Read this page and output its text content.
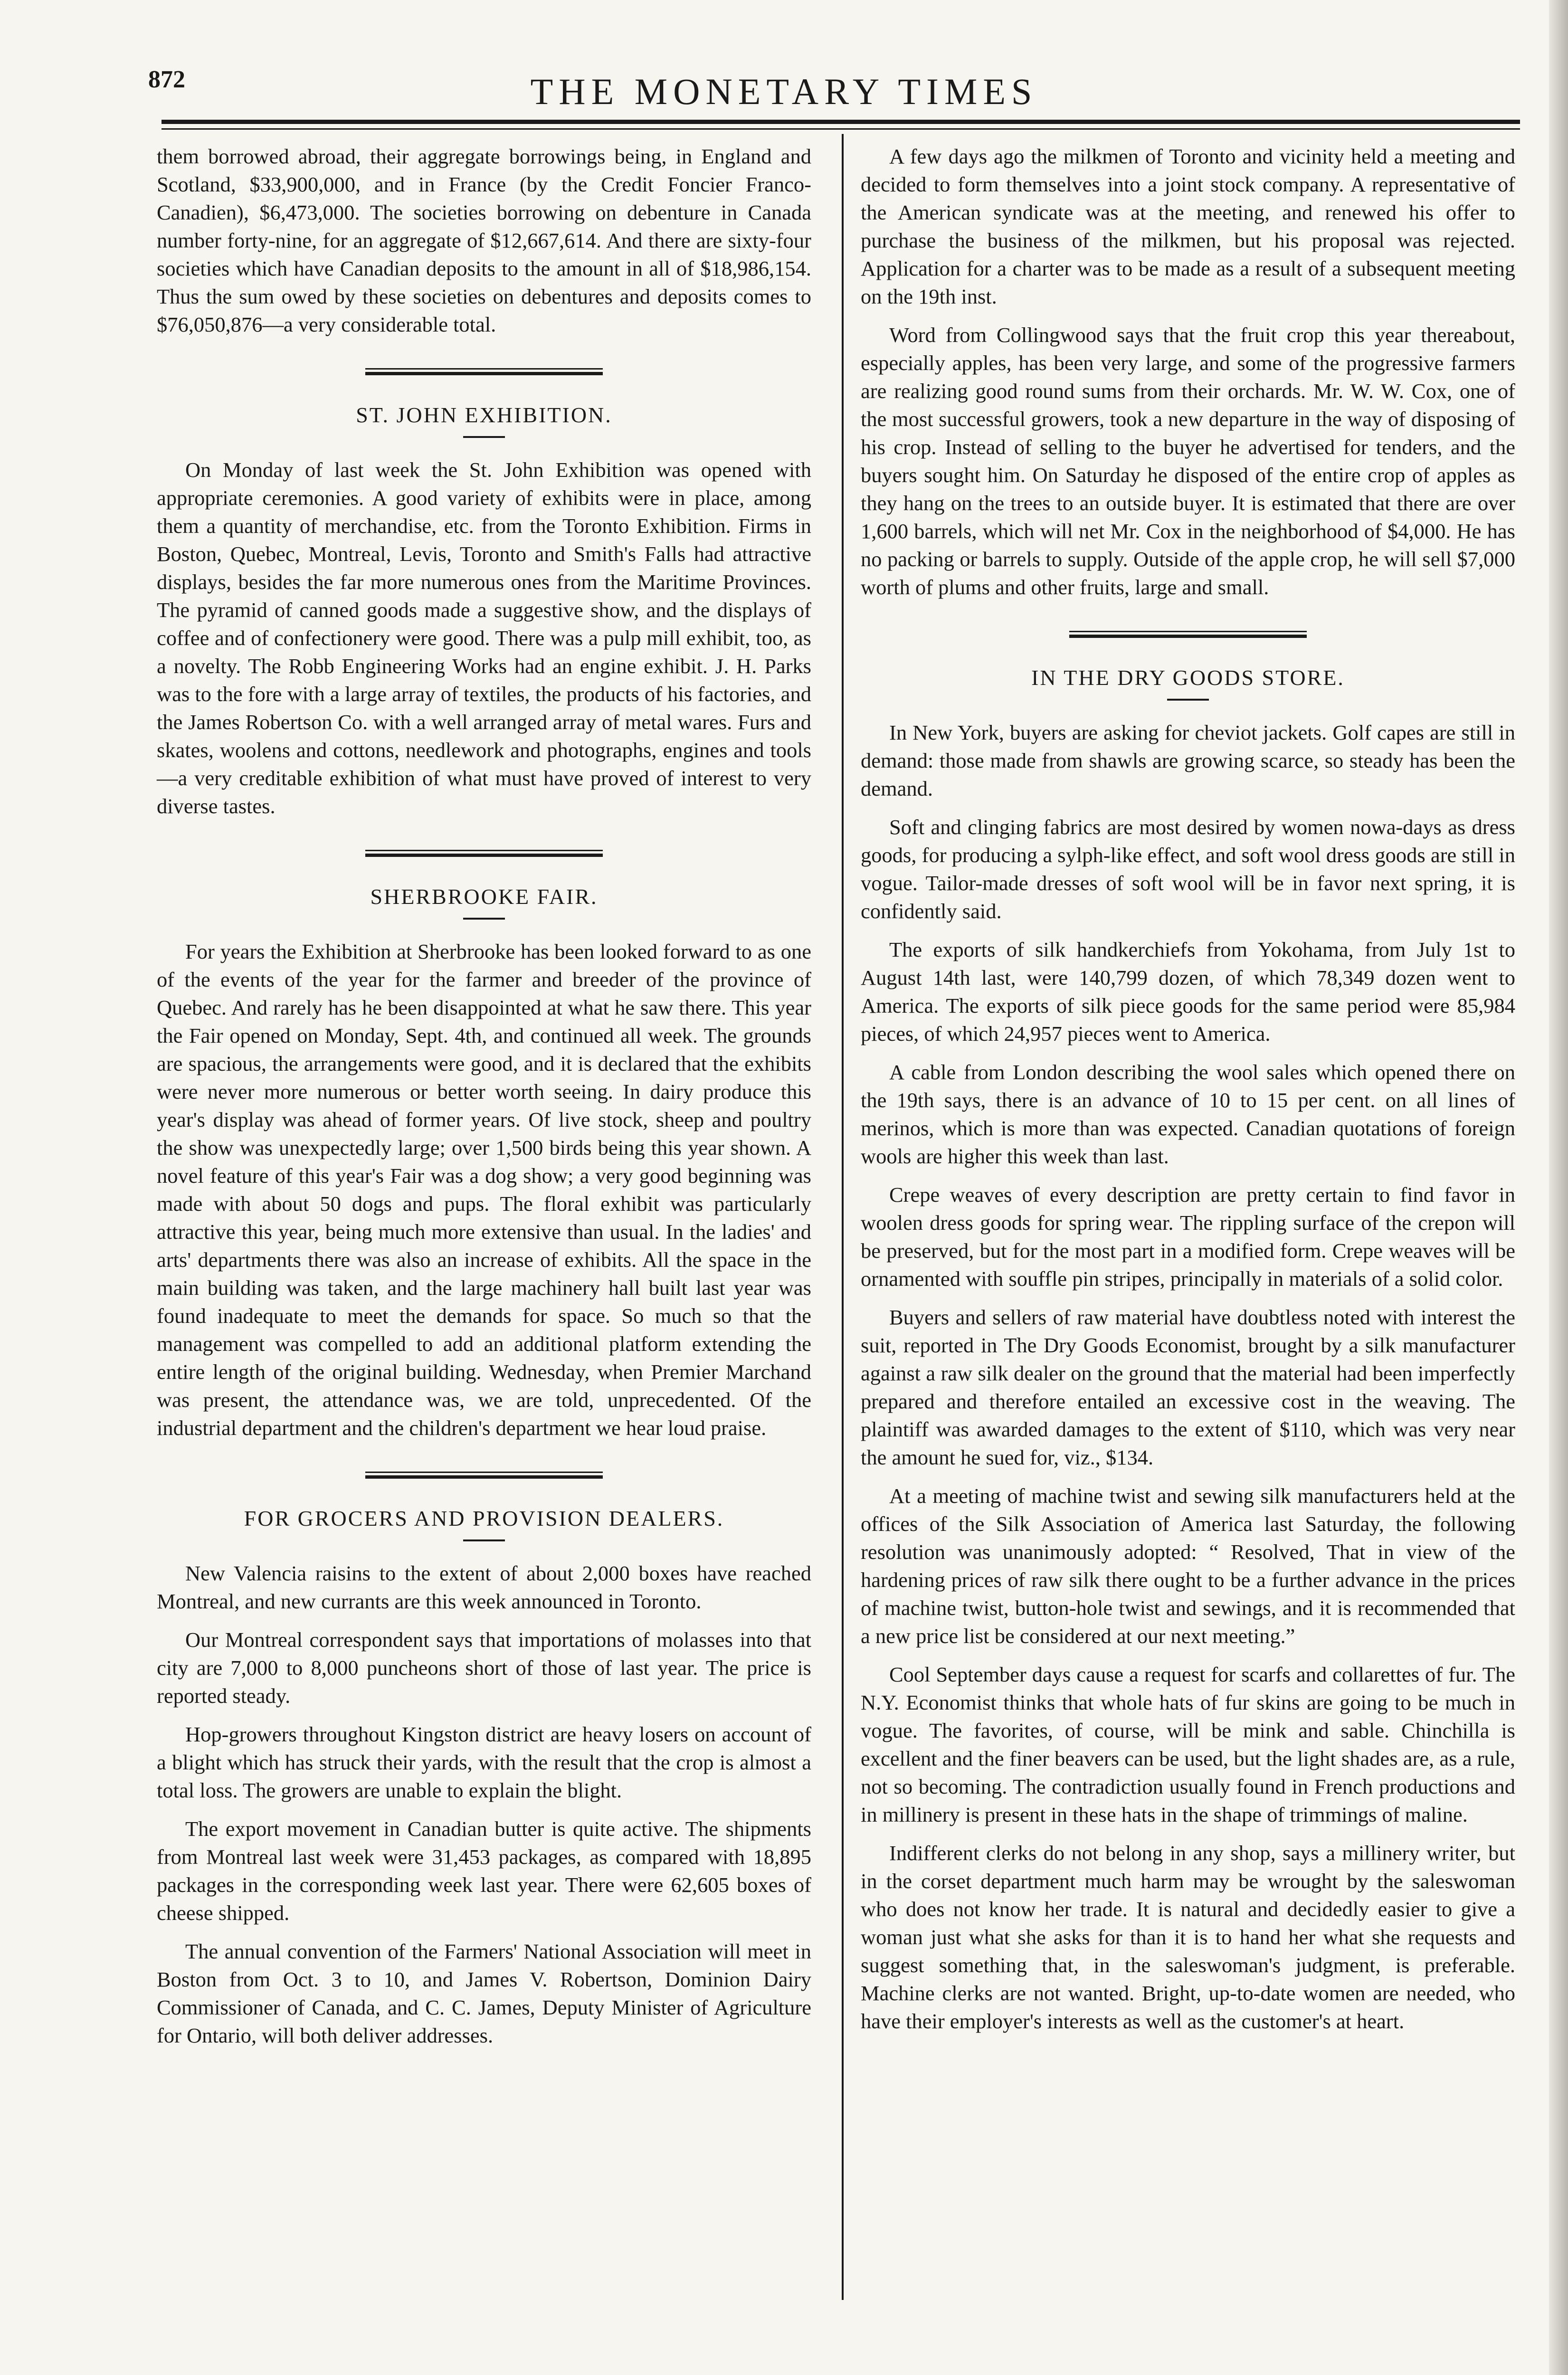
872	THE MONETARY TIMES

them borrowed abroad, their aggregate borrowings being, in England and Scotland, $33,900,000, and in France (by the Credit Foncier Franco-Canadien), $6,473,000. The societies borrowing on debenture in Canada number forty-nine, for an aggregate of $12,667,614. And there are sixty-four societies which have Canadian deposits to the amount in all of $18,986,154. Thus the sum owed by these societies on debentures and deposits comes to $76,050,876—a very considerable total.

ST. JOHN EXHIBITION.

On Monday of last week the St. John Exhibition was opened with appropriate ceremonies. A good variety of exhibits were in place, among them a quantity of merchandise, etc. from the Toronto Exhibition. Firms in Boston, Quebec, Montreal, Levis, Toronto and Smith's Falls had attractive displays, besides the far more numerous ones from the Maritime Provinces. The pyramid of canned goods made a suggestive show, and the displays of coffee and of confectionery were good. There was a pulp mill exhibit, too, as a novelty. The Robb Engineering Works had an engine exhibit. J. H. Parks was to the fore with a large array of textiles, the products of his factories, and the James Robertson Co. with a well arranged array of metal wares. Furs and skates, woolens and cottons, needlework and photographs, engines and tools—a very creditable exhibition of what must have proved of interest to very diverse tastes.

SHERBROOKE FAIR.

For years the Exhibition at Sherbrooke has been looked forward to as one of the events of the year for the farmer and breeder of the province of Quebec. And rarely has he been disappointed at what he saw there. This year the Fair opened on Monday, Sept. 4th, and continued all week. The grounds are spacious, the arrangements were good, and it is declared that the exhibits were never more numerous or better worth seeing. In dairy produce this year's display was ahead of former years. Of live stock, sheep and poultry the show was unexpectedly large; over 1,500 birds being this year shown. A novel feature of this year's Fair was a dog show; a very good beginning was made with about 50 dogs and pups. The floral exhibit was particularly attractive this year, being much more extensive than usual. In the ladies' and arts' departments there was also an increase of exhibits. All the space in the main building was taken, and the large machinery hall built last year was found inadequate to meet the demands for space. So much so that the management was compelled to add an additional platform extending the entire length of the original building. Wednesday, when Premier Marchand was present, the attendance was, we are told, unprecedented. Of the industrial department and the children's department we hear loud praise.

FOR GROCERS AND PROVISION DEALERS.

New Valencia raisins to the extent of about 2,000 boxes have reached Montreal, and new currants are this week announced in Toronto.

Our Montreal correspondent says that importations of molasses into that city are 7,000 to 8,000 puncheons short of those of last year. The price is reported steady.

Hop-growers throughout Kingston district are heavy losers on account of a blight which has struck their yards, with the result that the crop is almost a total loss. The growers are unable to explain the blight.

The export movement in Canadian butter is quite active. The shipments from Montreal last week were 31,453 packages, as compared with 18,895 packages in the corresponding week last year. There were 62,605 boxes of cheese shipped.

The annual convention of the Farmers' National Association will meet in Boston from Oct. 3 to 10, and James V. Robertson, Dominion Dairy Commissioner of Canada, and C. C. James, Deputy Minister of Agriculture for Ontario, will both deliver addresses.

A few days ago the milkmen of Toronto and vicinity held a meeting and decided to form themselves into a joint stock company. A representative of the American syndicate was at the meeting, and renewed his offer to purchase the business of the milkmen, but his proposal was rejected. Application for a charter was to be made as a result of a subsequent meeting on the 19th inst.

Word from Collingwood says that the fruit crop this year thereabout, especially apples, has been very large, and some of the progressive farmers are realizing good round sums from their orchards. Mr. W. W. Cox, one of the most successful growers, took a new departure in the way of disposing of his crop. Instead of selling to the buyer he advertised for tenders, and the buyers sought him. On Saturday he disposed of the entire crop of apples as they hang on the trees to an outside buyer. It is estimated that there are over 1,600 barrels, which will net Mr. Cox in the neighborhood of $4,000. He has no packing or barrels to supply. Outside of the apple crop, he will sell $7,000 worth of plums and other fruits, large and small.

IN THE DRY GOODS STORE.

In New York, buyers are asking for cheviot jackets. Golf capes are still in demand: those made from shawls are growing scarce, so steady has been the demand.

Soft and clinging fabrics are most desired by women nowa-days as dress goods, for producing a sylph-like effect, and soft wool dress goods are still in vogue. Tailor-made dresses of soft wool will be in favor next spring, it is confidently said.

The exports of silk handkerchiefs from Yokohama, from July 1st to August 14th last, were 140,799 dozen, of which 78,349 dozen went to America. The exports of silk piece goods for the same period were 85,984 pieces, of which 24,957 pieces went to America.

A cable from London describing the wool sales which opened there on the 19th says, there is an advance of 10 to 15 per cent. on all lines of merinos, which is more than was expected. Canadian quotations of foreign wools are higher this week than last.

Crepe weaves of every description are pretty certain to find favor in woolen dress goods for spring wear. The rippling surface of the crepon will be preserved, but for the most part in a modified form. Crepe weaves will be ornamented with souffle pin stripes, principally in materials of a solid color.

Buyers and sellers of raw material have doubtless noted with interest the suit, reported in The Dry Goods Economist, brought by a silk manufacturer against a raw silk dealer on the ground that the material had been imperfectly prepared and therefore entailed an excessive cost in the weaving. The plaintiff was awarded damages to the extent of $110, which was very near the amount he sued for, viz., $134.

At a meeting of machine twist and sewing silk manufacturers held at the offices of the Silk Association of America last Saturday, the following resolution was unanimously adopted: “ Resolved, That in view of the hardening prices of raw silk there ought to be a further advance in the prices of machine twist, button-hole twist and sewings, and it is recommended that a new price list be considered at our next meeting.”

Cool September days cause a request for scarfs and collarettes of fur. The N.Y. Economist thinks that whole hats of fur skins are going to be much in vogue. The favorites, of course, will be mink and sable. Chinchilla is excellent and the finer beavers can be used, but the light shades are, as a rule, not so becoming. The contradiction usually found in French productions and in millinery is present in these hats in the shape of trimmings of maline.

Indifferent clerks do not belong in any shop, says a millinery writer, but in the corset department much harm may be wrought by the saleswoman who does not know her trade. It is natural and decidedly easier to give a woman just what she asks for than it is to hand her what she requests and suggest something that, in the saleswoman's judgment, is preferable. Machine clerks are not wanted. Bright, up-to-date women are needed, who have their employer's interests as well as the customer's at heart.
